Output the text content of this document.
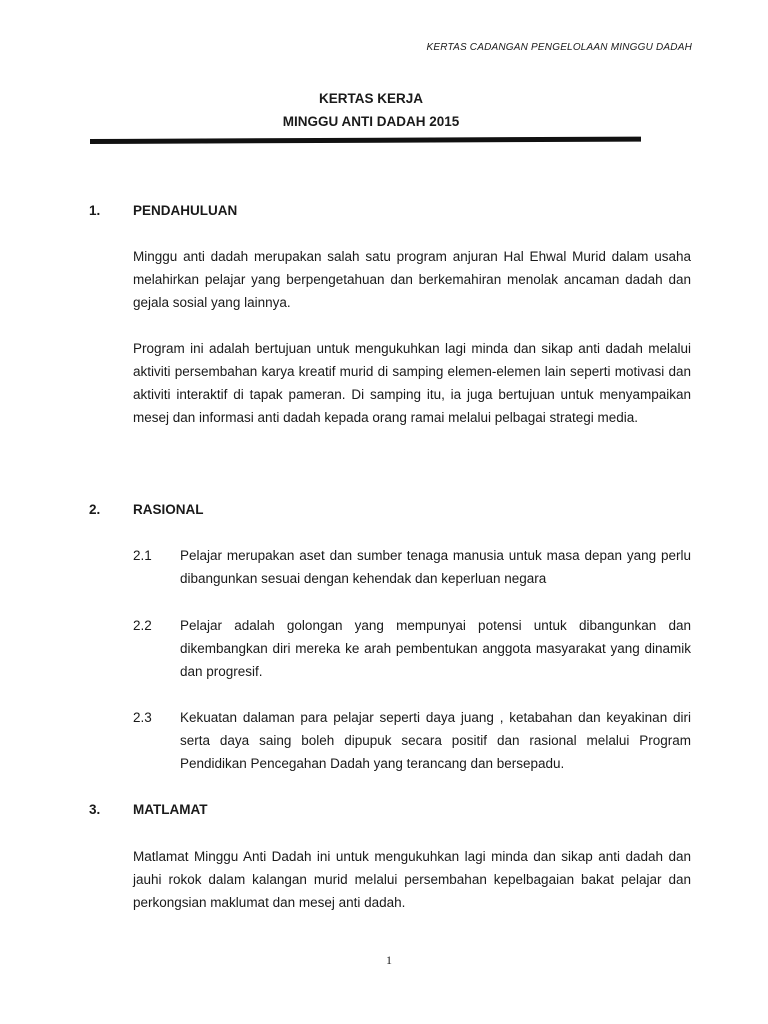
KERTAS CADANGAN PENGELOLAAN MINGGU DADAH
KERTAS KERJA
MINGGU ANTI DADAH 2015
1. PENDAHULUAN

Minggu anti dadah merupakan salah satu program anjuran Hal Ehwal Murid dalam usaha melahirkan pelajar yang berpengetahuan dan berkemahiran menolak ancaman dadah dan gejala sosial yang lainnya.

Program ini adalah bertujuan untuk mengukuhkan lagi minda dan sikap anti dadah melalui aktiviti persembahan karya kreatif murid di samping elemen-elemen lain seperti motivasi dan aktiviti interaktif di tapak pameran. Di samping itu, ia juga bertujuan untuk menyampaikan mesej dan informasi anti dadah kepada orang ramai melalui pelbagai strategi media.

2. RASIONAL
2.1 Pelajar merupakan aset dan sumber tenaga manusia untuk masa depan yang perlu dibangunkan sesuai dengan kehendak dan keperluan negara

2.2 Pelajar adalah golongan yang mempunyai potensi untuk dibangunkan dan dikembangkan diri mereka ke arah pembentukan anggota masyarakat yang dinamik dan progresif.

2.3 Kekuatan dalaman para pelajar seperti daya juang , ketabahan dan keyakinan diri serta daya saing boleh dipupuk secara positif dan rasional melalui Program Pendidikan Pencegahan Dadah yang terancang dan bersepadu.

3. MATLAMAT

Matlamat Minggu Anti Dadah ini untuk mengukuhkan lagi minda dan sikap anti dadah dan jauhi rokok dalam kalangan murid melalui persembahan kepelbagaian bakat pelajar dan perkongsian maklumat dan mesej anti dadah.

1
